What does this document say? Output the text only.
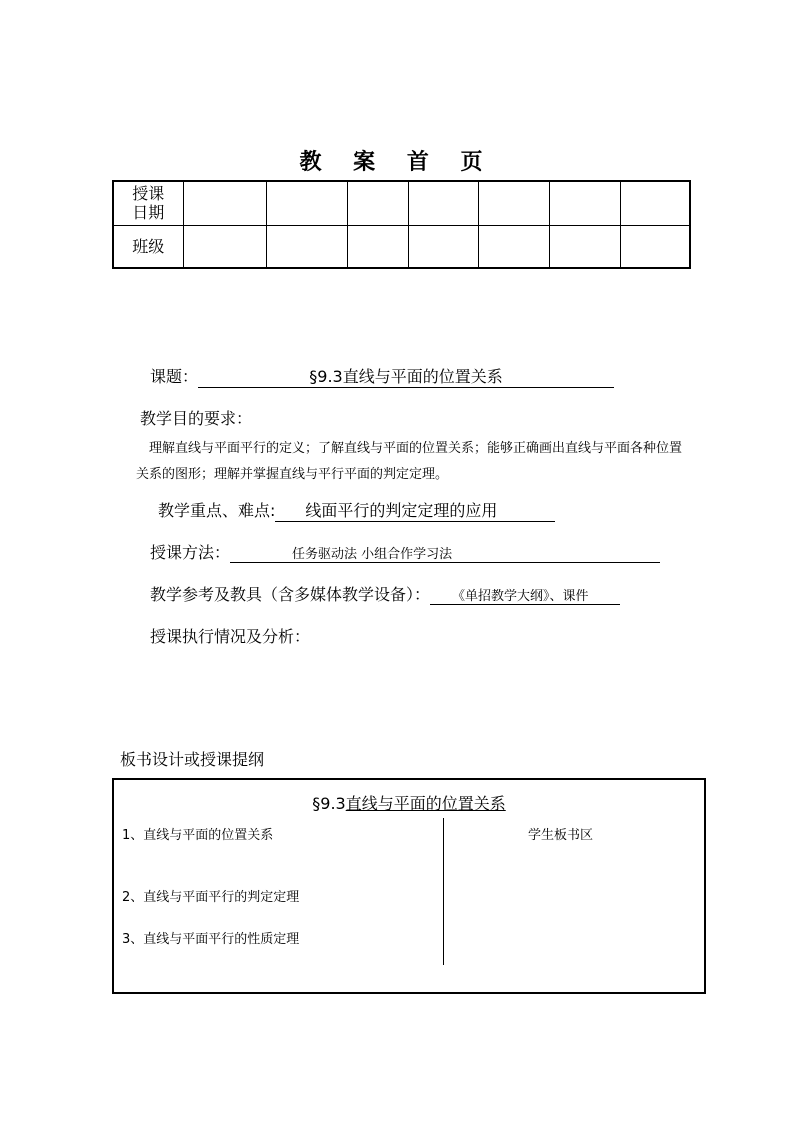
教 案 首 页
授课日期							
班级							
课题：	§9.3直线与平面的位置关系
教学目的要求：
理解直线与平面平行的定义；了解直线与平面的位置关系；能够正确画出直线与平面各种位置关系的图形；理解并掌握直线与平行平面的判定定理。
教学重点、难点: 线面平行的判定定理的应用
授课方法：	任务驱动法 小组合作学习法
教学参考及教具（含多媒体教学设备）： 《单招教学大纲》、课件
授课执行情况及分析：
板书设计或授课提纲
§9.3直线与平面的位置关系
1、直线与平面的位置关系
2、直线与平面平行的判定定理
3、直线与平面平行的性质定理
学生板书区
